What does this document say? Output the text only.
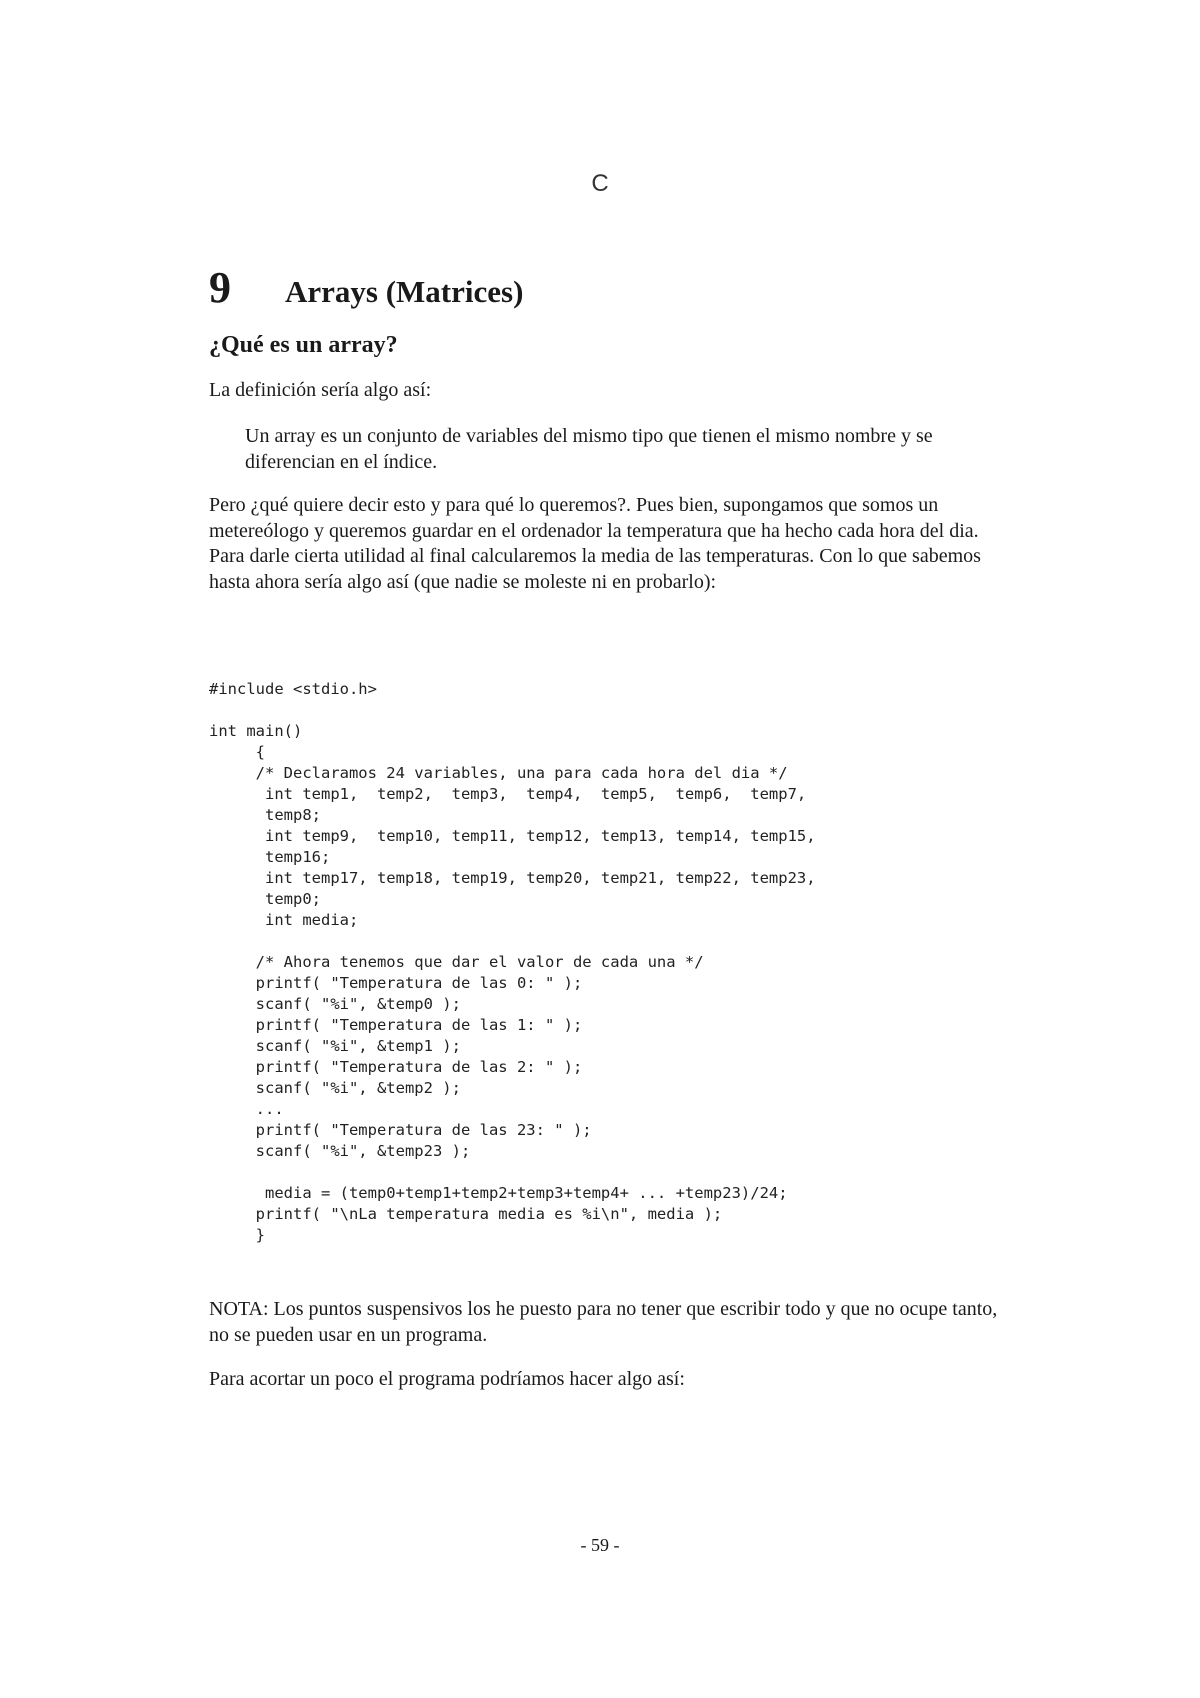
C
9 Arrays (Matrices)
¿Qué es un array?
La definición sería algo así:
Un array es un conjunto de variables del mismo tipo que tienen el mismo nombre y se diferencian en el índice.
Pero ¿qué quiere decir esto y para qué lo queremos?. Pues bien, supongamos que somos un metereólogo y queremos guardar en el ordenador la temperatura que ha hecho cada hora del dia. Para darle cierta utilidad al final calcularemos la media de las temperaturas. Con lo que sabemos hasta ahora sería algo así (que nadie se moleste ni en probarlo):
#include <stdio.h>

int main()
{
/* Declaramos 24 variables, una para cada hora del dia */
int temp1,  temp2,  temp3,  temp4,  temp5,  temp6,  temp7,
temp8;
int temp9,  temp10, temp11, temp12, temp13, temp14, temp15,
temp16;
int temp17, temp18, temp19, temp20, temp21, temp22, temp23,
temp0;
int media;

/* Ahora tenemos que dar el valor de cada una */
printf( "Temperatura de las 0: " );
scanf( "%i", &temp0 );
printf( "Temperatura de las 1: " );
scanf( "%i", &temp1 );
printf( "Temperatura de las 2: " );
scanf( "%i", &temp2 );
...
printf( "Temperatura de las 23: " );
scanf( "%i", &temp23 );

media = (temp0+temp1+temp2+temp3+temp4+ ... +temp23)/24;
printf( "\nLa temperatura media es %i\n", media );
}
NOTA: Los puntos suspensivos los he puesto para no tener que escribir todo y que no ocupe tanto, no se pueden usar en un programa.
Para acortar un poco el programa podríamos hacer algo así:
- 59 -
